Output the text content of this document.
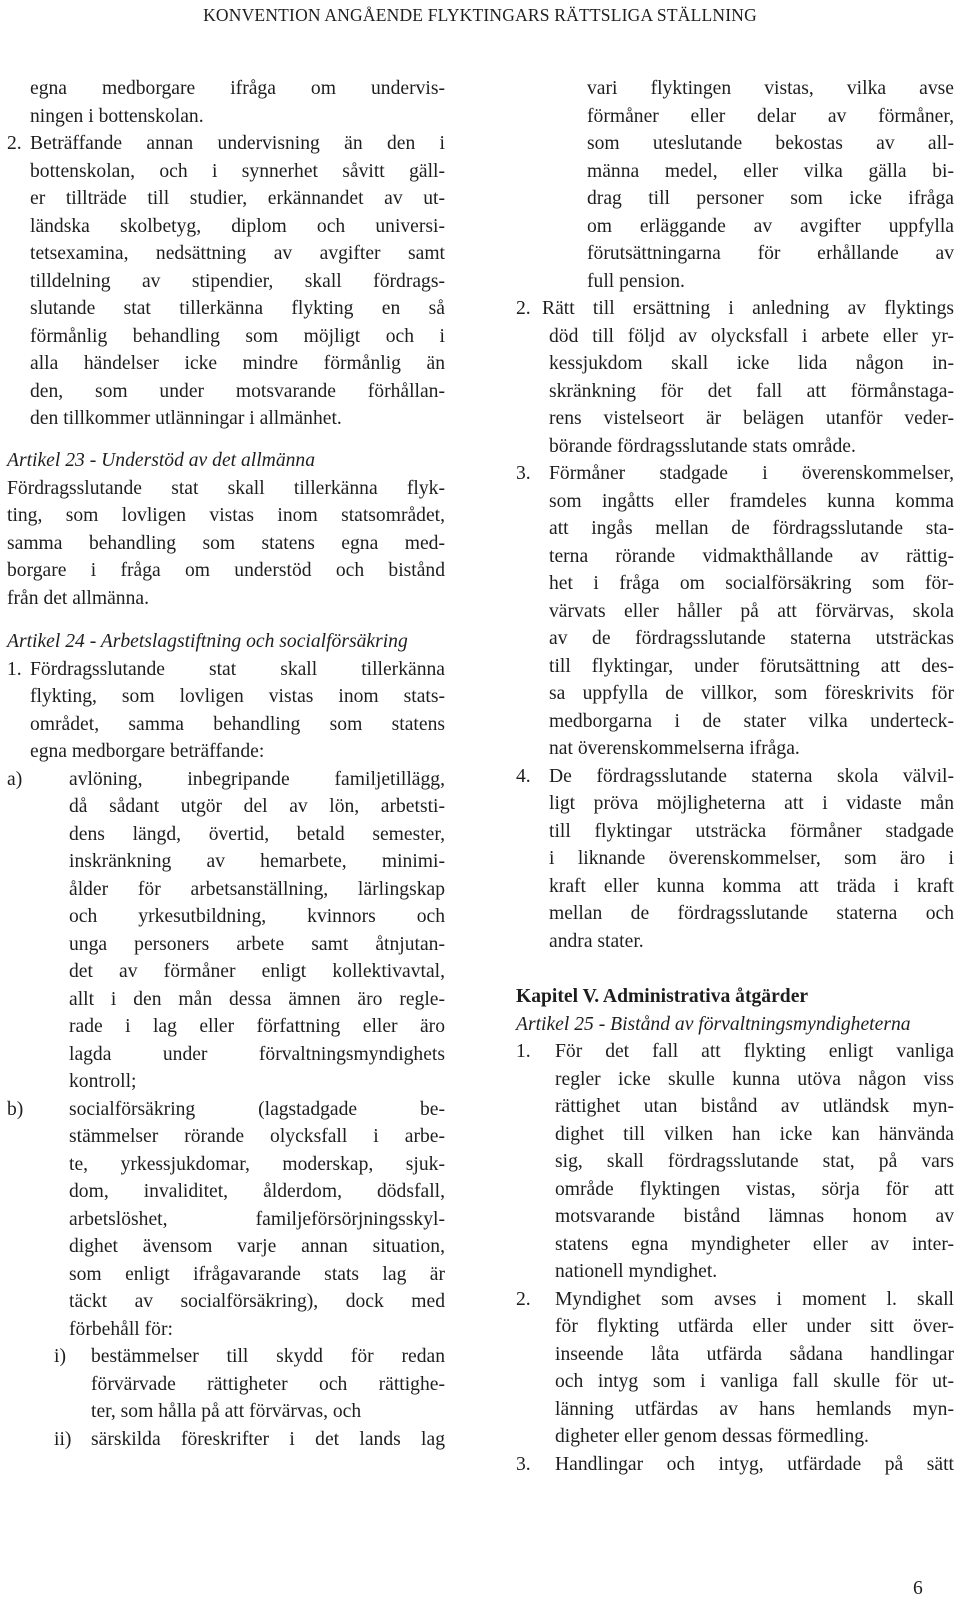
KONVENTION ANGÅENDE FLYKTINGARS RÄTTSLIGA STÄLLNING
egna medborgare ifråga om undervis-
ningen i bottenskolan.
2. Beträffande annan undervisning än den i
bottenskolan, och i synnerhet såvitt gäll-
er tillträde till studier, erkännandet av ut-
ländska skolbetyg, diplom och universi-
tetsexamina, nedsättning av avgifter samt
tilldelning av stipendier, skall fördrags-
slutande stat tillerkänna flykting en så
förmånlig behandling som möjligt och i
alla händelser icke mindre förmånlig än
den, som under motsvarande förhållan-
den tillkommer utlänningar i allmänhet.
Artikel 23 - Understöd av det allmänna
Fördragsslutande stat skall tillerkänna flyk-
ting, som lovligen vistas inom statsområdet,
samma behandling som statens egna med-
borgare i fråga om understöd och bistånd
från det allmänna.
Artikel 24 - Arbetslagstiftning och socialförsäkring
1. Fördragsslutande stat skall tillerkänna
flykting, som lovligen vistas inom stats-
området, samma behandling som statens
egna medborgare beträffande:
a)	avlöning, inbegripande familjetillägg,
då sådant utgör del av lön, arbetsti-
dens längd, övertid, betald semester,
inskränkning av hemarbete, minimi-
ålder för arbetsanställning, lärlingskap
och yrkesutbildning, kvinnors och
unga personers arbete samt åtnjutan-
det av förmåner enligt kollektivavtal,
allt i den mån dessa ämnen äro regle-
rade i lag eller författning eller äro
lagda under förvaltningsmyndighets
kontroll;
b)	socialförsäkring (lagstadgade be-
stämmelser rörande olycksfall i arbe-
te, yrkessjukdomar, moderskap, sjuk-
dom, invaliditet, ålderdom, dödsfall,
arbetslöshet, familjeförsörjningsskyl-
dighet ävensom varje annan situation,
som enligt ifrågavarande stats lag är
täckt av socialförsäkring), dock med
förbehåll för:
i)	bestämmelser till skydd för redan
förvärvade rättigheter och rättighe-
ter, som hålla på att förvärvas, och
ii) särskilda föreskrifter i det lands lag
vari flyktingen vistas, vilka avse
förmåner eller delar av förmåner,
som uteslutande bekostas av all-
männa medel, eller vilka gälla bi-
drag till personer som icke ifråga
om erläggande av avgifter uppfylla
förutsättningarna för erhållande av
full pension.
2. Rätt till ersättning i anledning av flyktings
död till följd av olycksfall i arbete eller yr-
kessjukdom skall icke lida någon in-
skränkning för det fall att förmånstaga-
rens vistelseort är belägen utanför veder-
börande fördragsslutande stats område.
3. Förmåner stadgade i överenskommelser,
som ingåtts eller framdeles kunna komma
att ingås mellan de fördragsslutande sta-
terna rörande vidmakthållande av rättig-
het i fråga om socialförsäkring som för-
värvats eller håller på att förvärvas, skola
av de fördragsslutande staterna utsträckas
till flyktingar, under förutsättning att des-
sa uppfylla de villkor, som föreskrivits för
medborgarna i de stater vilka underteck-
nat överenskommelserna ifråga.
4. De fördragsslutande staterna skola välvil-
ligt pröva möjligheterna att i vidaste mån
till flyktingar utsträcka förmåner stadgade
i liknande överenskommelser, som äro i
kraft eller kunna komma att träda i kraft
mellan de fördragsslutande staterna och
andra stater.
Kapitel V. Administrativa åtgärder
Artikel 25 - Bistånd av förvaltningsmyndigheterna
1.	För det fall att flykting enligt vanliga
regler icke skulle kunna utöva någon viss
rättighet utan bistånd av utländsk myn-
dighet till vilken han icke kan hänvända
sig, skall fördragsslutande stat, på vars
område flyktingen vistas, sörja för att
motsvarande bistånd lämnas honom av
statens egna myndigheter eller av inter-
nationell myndighet.
2.	Myndighet som avses i moment l. skall
för flykting utfärda eller under sitt över-
inseende låta utfärda sådana handlingar
och intyg som i vanliga fall skulle för ut-
länning utfärdas av hans hemlands myn-
digheter eller genom dessas förmedling.
3.	Handlingar och intyg, utfärdade på sätt
6
